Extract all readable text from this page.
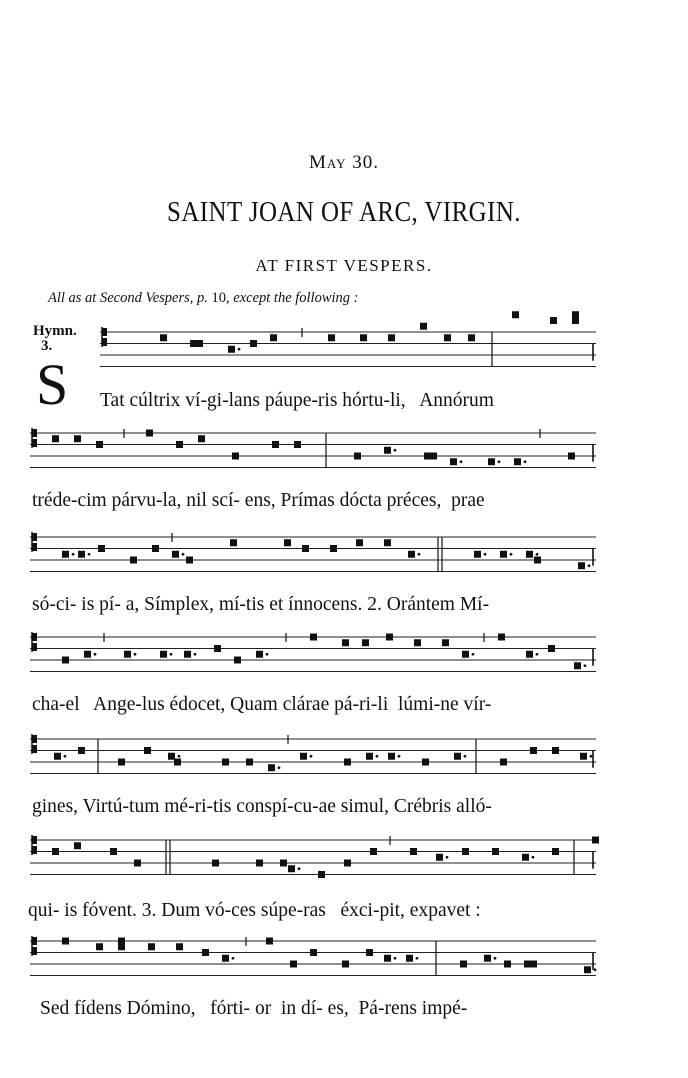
May 30.
SAINT JOAN OF ARC, VIRGIN.
AT FIRST VESPERS.
All as at Second Vespers, p. 10, except the following :
Hymn.
3.
S Tat cúltrix ví-gi-lans páupe-ris hórtu-li,   Annórum
tréde-cim párvu-la, nil scí- ens, Prímas dócta préces,  prae
só-ci- is pí- a, Símplex, mí-tis et ínnocens. 2. Orántem Mí-
cha-el   Ange-lus édocet, Quam clárae pá-ri-li  lúmi-ne vír-
gines, Virtú-tum mé-ri-tis conspí-cu-ae simul, Crébris alló-
qui- is fóvent. 3. Dum vó-ces súpe-ras   éxci-pit, expavet :
Sed fídens Dómino,   fórti- or  in dí- es,  Pá-rens impé-
